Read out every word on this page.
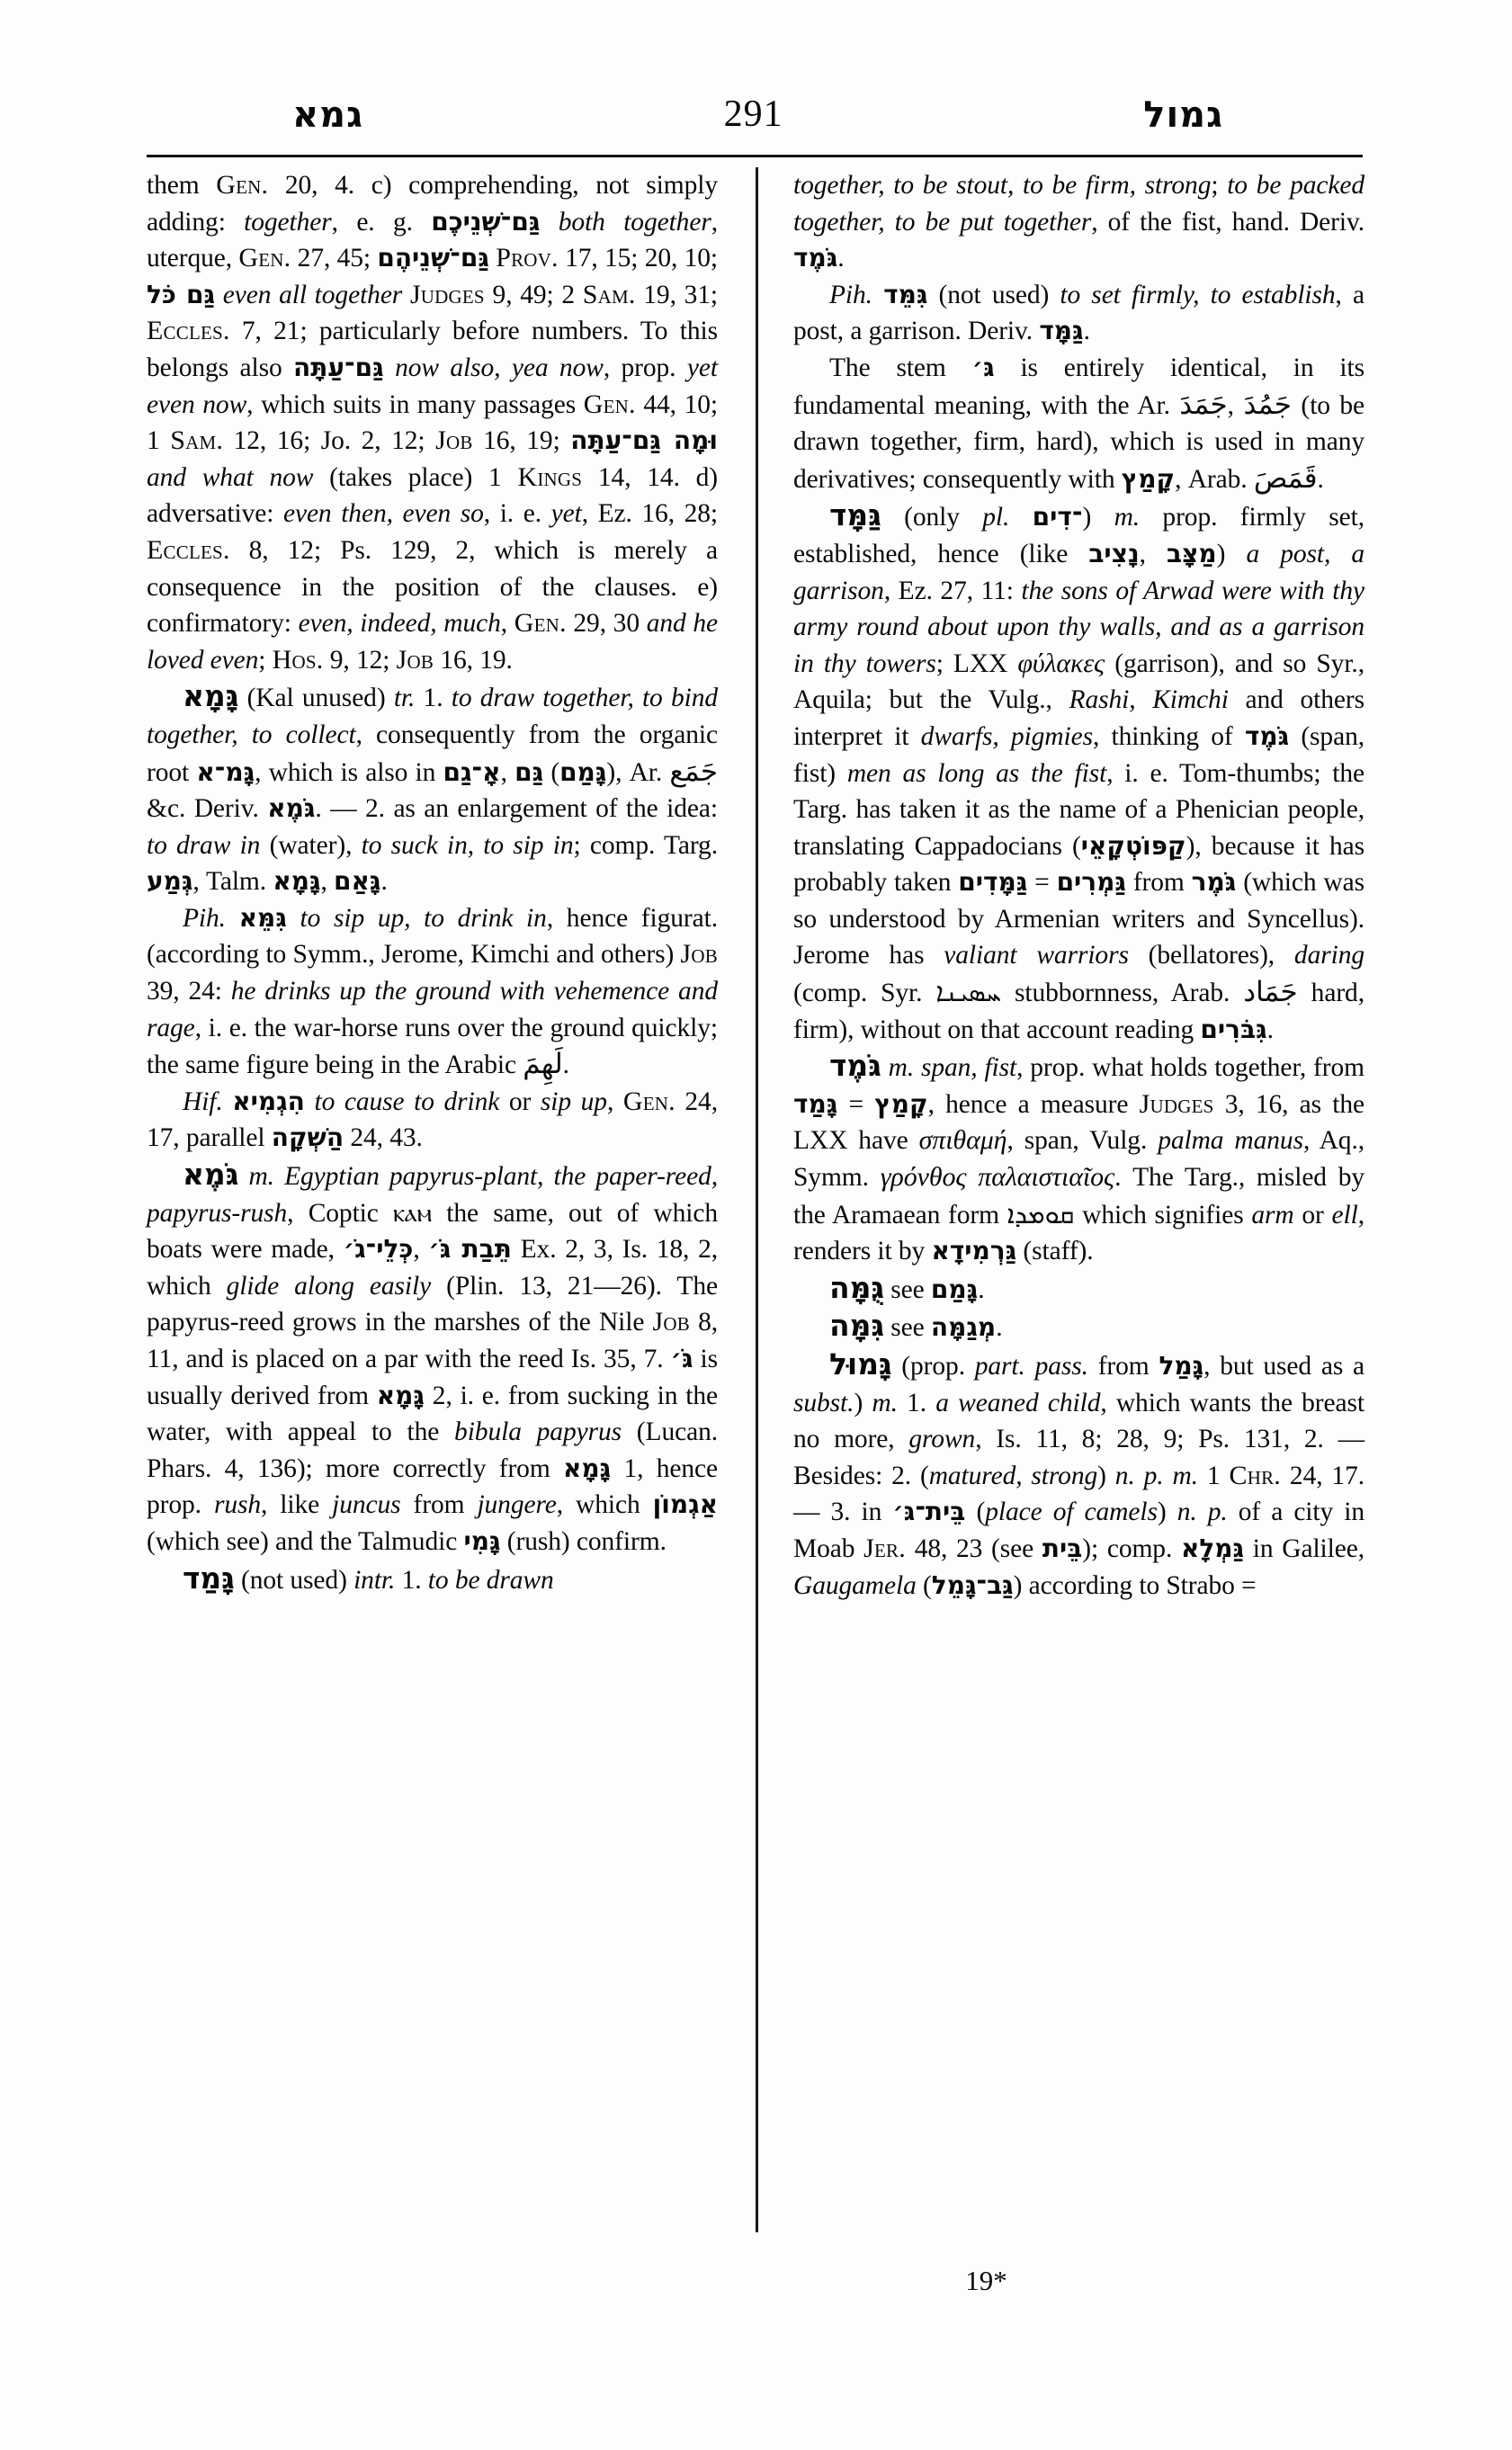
גמא	291	גמול

them Gen. 20, 4. c) comprehending, not simply adding: together, e. g. גַּם־שְׁנֵיכֶם both together, uterque, Gen. 27, 45; גַּם־שְׁנֵיהֶם Prov. 17, 15; 20, 10; גַּם כֹּל even all together Judges 9, 49; 2 Sam. 19, 31; Eccles. 7, 21; particularly before numbers. To this belongs also גַּם־עַתָּה now also, yea now, prop. yet even now, which suits in many passages Gen. 44, 10; 1 Sam. 12, 16; Jo. 2, 12; Job 16, 19; וּמָה גַּם־עַתָּה and what now (takes place) 1 Kings 14, 14. d) adversative: even then, even so, i. e. yet, Ez. 16, 28; Eccles. 8, 12; Ps. 129, 2, which is merely a consequence in the position of the clauses. e) confirmatory: even, indeed, much, Gen. 29, 30 and he loved even; Hos. 9, 12; Job 16, 19.

גָּמָא (Kal unused) tr. 1. to draw together, to bind together, to collect, consequently from the organic root גָּמ־א, which is also in אָ־גַם, גַּם (גָּמַם), Ar. جَمَع &c. Deriv. גֹּמֶא. — 2. as an enlargement of the idea: to draw in (water), to suck in, to sip in; comp. Targ. גְּמַע, Talm. גָּמָא, גָּאַם.

Pih. גִּמֵּא to sip up, to drink in, hence figurat. (according to Symm., Jerome, Kimchi and others) Job 39, 24: he drinks up the ground with vehemence and rage, i. e. the war-horse runs over the ground quickly; the same figure being in the Arabic لَهِمَ.

Hif. הִגְמִיא to cause to drink or sip up, Gen. 24, 17, parallel הַשְׁקָה 24, 43.

גֹּמֶא m. Egyptian papyrus-plant, the paper-reed, papyrus-rush, Coptic ⲕⲁⲙ the same, out of which boats were made, כְּלֵי־גֹ׳, תֵּבַת גֹּ׳ Ex. 2, 3, Is. 18, 2, which glide along easily (Plin. 13, 21—26). The papyrus-reed grows in the marshes of the Nile Job 8, 11, and is placed on a par with the reed Is. 35, 7. גֹּ׳ is usually derived from גָּמָא 2, i. e. from sucking in the water, with appeal to the bibula papyrus (Lucan. Phars. 4, 136); more correctly from גָּמָא 1, hence prop. rush, like juncus from jungere, which אַגְמוֹן (which see) and the Talmudic גָּמִי (rush) confirm.

גָּמַד (not used) intr. 1. to be drawn

together, to be stout, to be firm, strong; to be packed together, to be put together, of the fist, hand. Deriv. גֹּמֶד.

Pih. גִּמֵּד (not used) to set firmly, to establish, a post, a garrison. Deriv. גַּמָּד.

The stem גּ׳ is entirely identical, in its fundamental meaning, with the Ar. جَمَدَ, جَمُدَ (to be drawn together, firm, hard), which is used in many derivatives; consequently with קָמַץ, Arab. قَمَصَ.

גַּמָּד (only pl. ־דִים) m. prop. firmly set, established, hence (like נָצִיב, מַצָּב) a post, a garrison, Ez. 27, 11: the sons of Arwad were with thy army round about upon thy walls, and as a garrison in thy towers; LXX φύλακες (garrison), and so Syr., Aquila; but the Vulg., Rashi, Kimchi and others interpret it dwarfs, pigmies, thinking of גֹּמֶד (span, fist) men as long as the fist, i. e. Tom-thumbs; the Targ. has taken it as the name of a Phenician people, translating Cappadocians (קַפּוֹטְקָאֵי), because it has probably taken גַּמָּדִים = גַּמְרִים from גֹּמֶר (which was so understood by Armenian writers and Syncellus). Jerome has valiant warriors (bellatores), daring (comp. Syr. ܚܣܝܢܐ stubbornness, Arab. جَمَاد hard, firm), without on that account reading גִּבֹּרִים.

גֹּמֶד m. span, fist, prop. what holds together, from גָּמַד = קָמַץ, hence a measure Judges 3, 16, as the LXX have σπιθαμή, span, Vulg. palma manus, Aq., Symm. γρόνθος παλαιστιαῖος. The Targ., misled by the Aramaean form ܩܘܡܕܐ which signifies arm or ell, renders it by גַּרְמִידָא (staff).

גֻּמָּה see גָּמַם.

גִּמָּה see מְגַמָּה.

גָּמוּל (prop. part. pass. from גָּמַל, but used as a subst.) m. 1. a weaned child, which wants the breast no more, grown, Is. 11, 8; 28, 9; Ps. 131, 2. — Besides: 2. (matured, strong) n. p. m. 1 Chr. 24, 17. — 3. in בֵּית־גּ׳ (place of camels) n. p. of a city in Moab Jer. 48, 23 (see בֵּית); comp. גַּמְלָא in Galilee, Gaugamela (גַּב־גָּמֵל) according to Strabo =

19*
